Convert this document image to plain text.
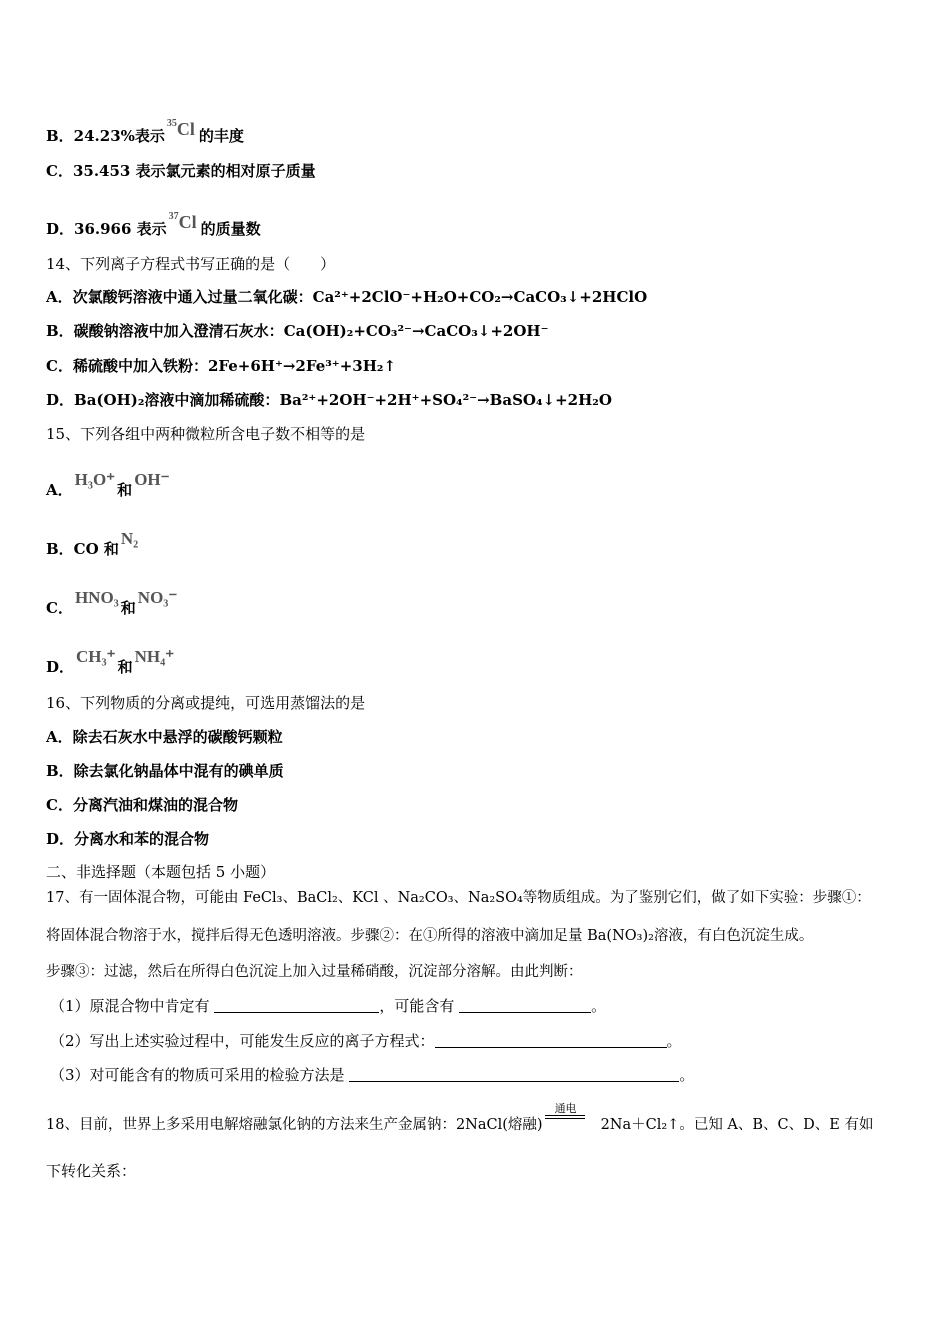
B．24.23%表示$^{35}$Cl 的丰度
C．35.453 表示氯元素的相对原子质量
D．36.966 表示$^{37}$Cl 的质量数
14、下列离子方程式书写正确的是（　　）
A．次氯酸钙溶液中通入过量二氧化碳：Ca²⁺+2ClO⁻+H₂O+CO₂→CaCO₃↓+2HClO
B．碳酸钠溶液中加入澄清石灰水：Ca(OH)₂+CO₃²⁻→CaCO₃↓+2OH⁻
C．稀硫酸中加入铁粉：2Fe+6H⁺→2Fe³⁺+3H₂↑
D．Ba(OH)₂溶液中滴加稀硫酸：Ba²⁺+2OH⁻+2H⁺+SO₄²⁻→BaSO₄↓+2H₂O
15、下列各组中两种微粒所含电子数不相等的是
A．H₃O⁺和OH⁻
B．CO 和N₂
C．HNO₃和NO₃⁻
D．CH₃⁺和NH₄⁺
16、下列物质的分离或提纯，可选用蒸馏法的是
A．除去石灰水中悬浮的碳酸钙颗粒
B．除去氯化钠晶体中混有的碘单质
C．分离汽油和煤油的混合物
D．分离水和苯的混合物
二、非选择题（本题包括 5 小题）
17、有一固体混合物，可能由 FeCl₃、BaCl₂、KCl 、Na₂CO₃、Na₂SO₄等物质组成。为了鉴别它们，做了如下实验：步骤①：
将固体混合物溶于水，搅拌后得无色透明溶液。步骤②：在①所得的溶液中滴加足量 Ba(NO₃)₂溶液，有白色沉淀生成。
步骤③：过滤，然后在所得白色沉淀上加入过量稀硝酸，沉淀部分溶解。由此判断：
（1）原混合物中肯定有	，可能含有	。
（2）写出上述实验过程中，可能发生反应的离子方程式：	。
（3）对可能含有的物质可采用的检验方法是	。
18、目前，世界上多采用电解熔融氯化钠的方法来生产金属钠：2NaCl(熔融)
通电
2Na＋Cl₂↑。已知 A、B、C、D、E 有如
下转化关系：
